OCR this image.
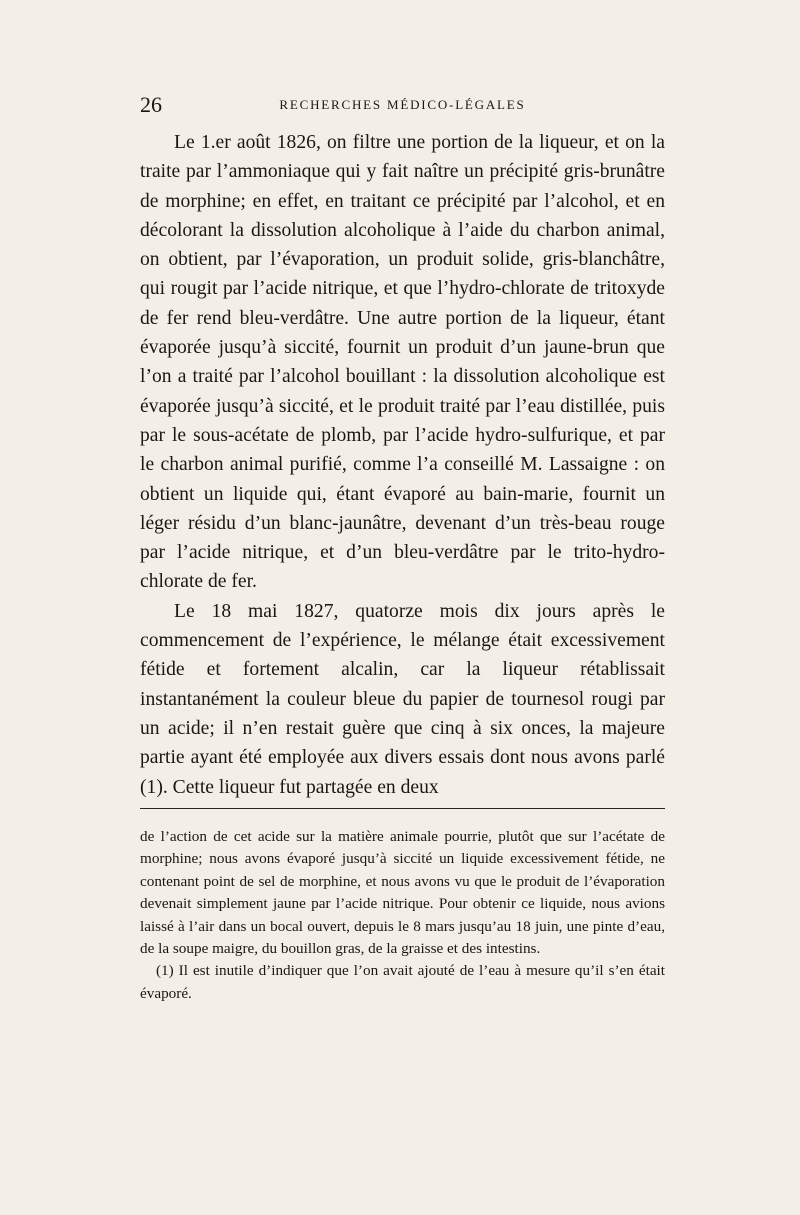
26	RECHERCHES MÉDICO-LÉGALES

Le 1.er août 1826, on filtre une portion de la liqueur, et on la traite par l’ammoniaque qui y fait naître un précipité gris-brunâtre de morphine; en effet, en traitant ce précipité par l’alcohol, et en décolorant la dissolution alcoholique à l’aide du charbon animal, on obtient, par l’évaporation, un produit solide, gris-blanchâtre, qui rougit par l’acide nitrique, et que l’hydro-chlorate de tritoxyde de fer rend bleu-verdâtre. Une autre portion de la liqueur, étant évaporée jusqu’à siccité, fournit un produit d’un jaune-brun que l’on a traité par l’alcohol bouillant : la dissolution alcoholique est évaporée jusqu’à siccité, et le produit traité par l’eau distillée, puis par le sous-acétate de plomb, par l’acide hydro-sulfurique, et par le charbon animal purifié, comme l’a conseillé M. Lassaigne : on obtient un liquide qui, étant évaporé au bain-marie, fournit un léger résidu d’un blanc-jaunâtre, devenant d’un très-beau rouge par l’acide nitrique, et d’un bleu-verdâtre par le trito-hydro-chlorate de fer.

Le 18 mai 1827, quatorze mois dix jours après le commencement de l’expérience, le mélange était excessivement fétide et fortement alcalin, car la liqueur rétablissait instantanément la couleur bleue du papier de tournesol rougi par un acide; il n’en restait guère que cinq à six onces, la majeure partie ayant été employée aux divers essais dont nous avons parlé (1). Cette liqueur fut partagée en deux

de l’action de cet acide sur la matière animale pourrie, plutôt que sur l’acétate de morphine; nous avons évaporé jusqu’à siccité un liquide excessivement fétide, ne contenant point de sel de morphine, et nous avons vu que le produit de l’évaporation devenait simplement jaune par l’acide nitrique. Pour obtenir ce liquide, nous avions laissé à l’air dans un bocal ouvert, depuis le 8 mars jusqu’au 18 juin, une pinte d’eau, de la soupe maigre, du bouillon gras, de la graisse et des intestins.

(1) Il est inutile d’indiquer que l’on avait ajouté de l’eau à mesure qu’il s’en était évaporé.
